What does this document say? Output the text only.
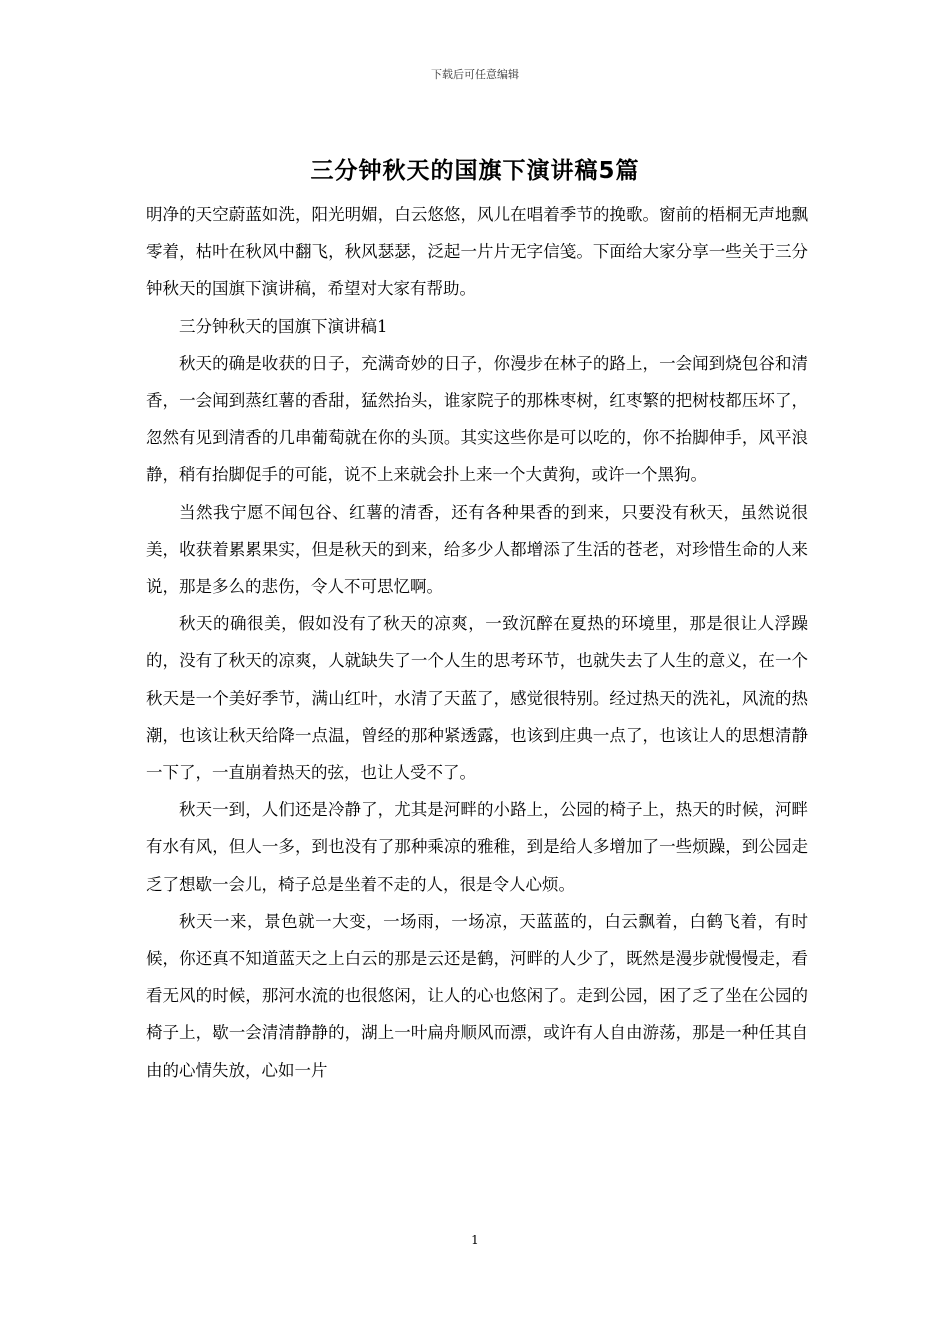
下载后可任意编辑
三分钟秋天的国旗下演讲稿5篇

明净的天空蔚蓝如洗，阳光明媚，白云悠悠，风儿在唱着季节的挽歌。窗前的梧桐无声地飘零着，枯叶在秋风中翻飞，秋风瑟瑟，泛起一片片无字信笺。下面给大家分享一些关于三分钟秋天的国旗下演讲稿，希望对大家有帮助。

三分钟秋天的国旗下演讲稿1

秋天的确是收获的日子，充满奇妙的日子，你漫步在林子的路上，一会闻到烧包谷和清香，一会闻到蒸红薯的香甜，猛然抬头，谁家院子的那株枣树，红枣繁的把树枝都压坏了，忽然有见到清香的几串葡萄就在你的头顶。其实这些你是可以吃的，你不抬脚伸手，风平浪静，稍有抬脚促手的可能，说不上来就会扑上来一个大黄狗，或许一个黑狗。

当然我宁愿不闻包谷、红薯的清香，还有各种果香的到来，只要没有秋天，虽然说很美，收获着累累果实，但是秋天的到来，给多少人都增添了生活的苍老，对珍惜生命的人来说，那是多么的悲伤，令人不可思忆啊。

秋天的确很美，假如没有了秋天的凉爽，一致沉醉在夏热的环境里，那是很让人浮躁的，没有了秋天的凉爽，人就缺失了一个人生的思考环节，也就失去了人生的意义，在一个秋天是一个美好季节，满山红叶，水清了天蓝了，感觉很特别。经过热天的洗礼，风流的热潮，也该让秋天给降一点温，曾经的那种紧透露，也该到庄典一点了，也该让人的思想清静一下了，一直崩着热天的弦，也让人受不了。

秋天一到，人们还是冷静了，尤其是河畔的小路上，公园的椅子上，热天的时候，河畔有水有风，但人一多，到也没有了那种乘凉的雅稚，到是给人多增加了一些烦躁，到公园走乏了想歇一会儿，椅子总是坐着不走的人，很是令人心烦。

秋天一来，景色就一大变，一场雨，一场凉，天蓝蓝的，白云飘着，白鹤飞着，有时候，你还真不知道蓝天之上白云的那是云还是鹤，河畔的人少了，既然是漫步就慢慢走，看看无风的时候，那河水流的也很悠闲，让人的心也悠闲了。走到公园，困了乏了坐在公园的椅子上，歇一会清清静静的，湖上一叶扁舟顺风而漂，或许有人自由游荡，那是一种任其自由的心情失放，心如一片

1
